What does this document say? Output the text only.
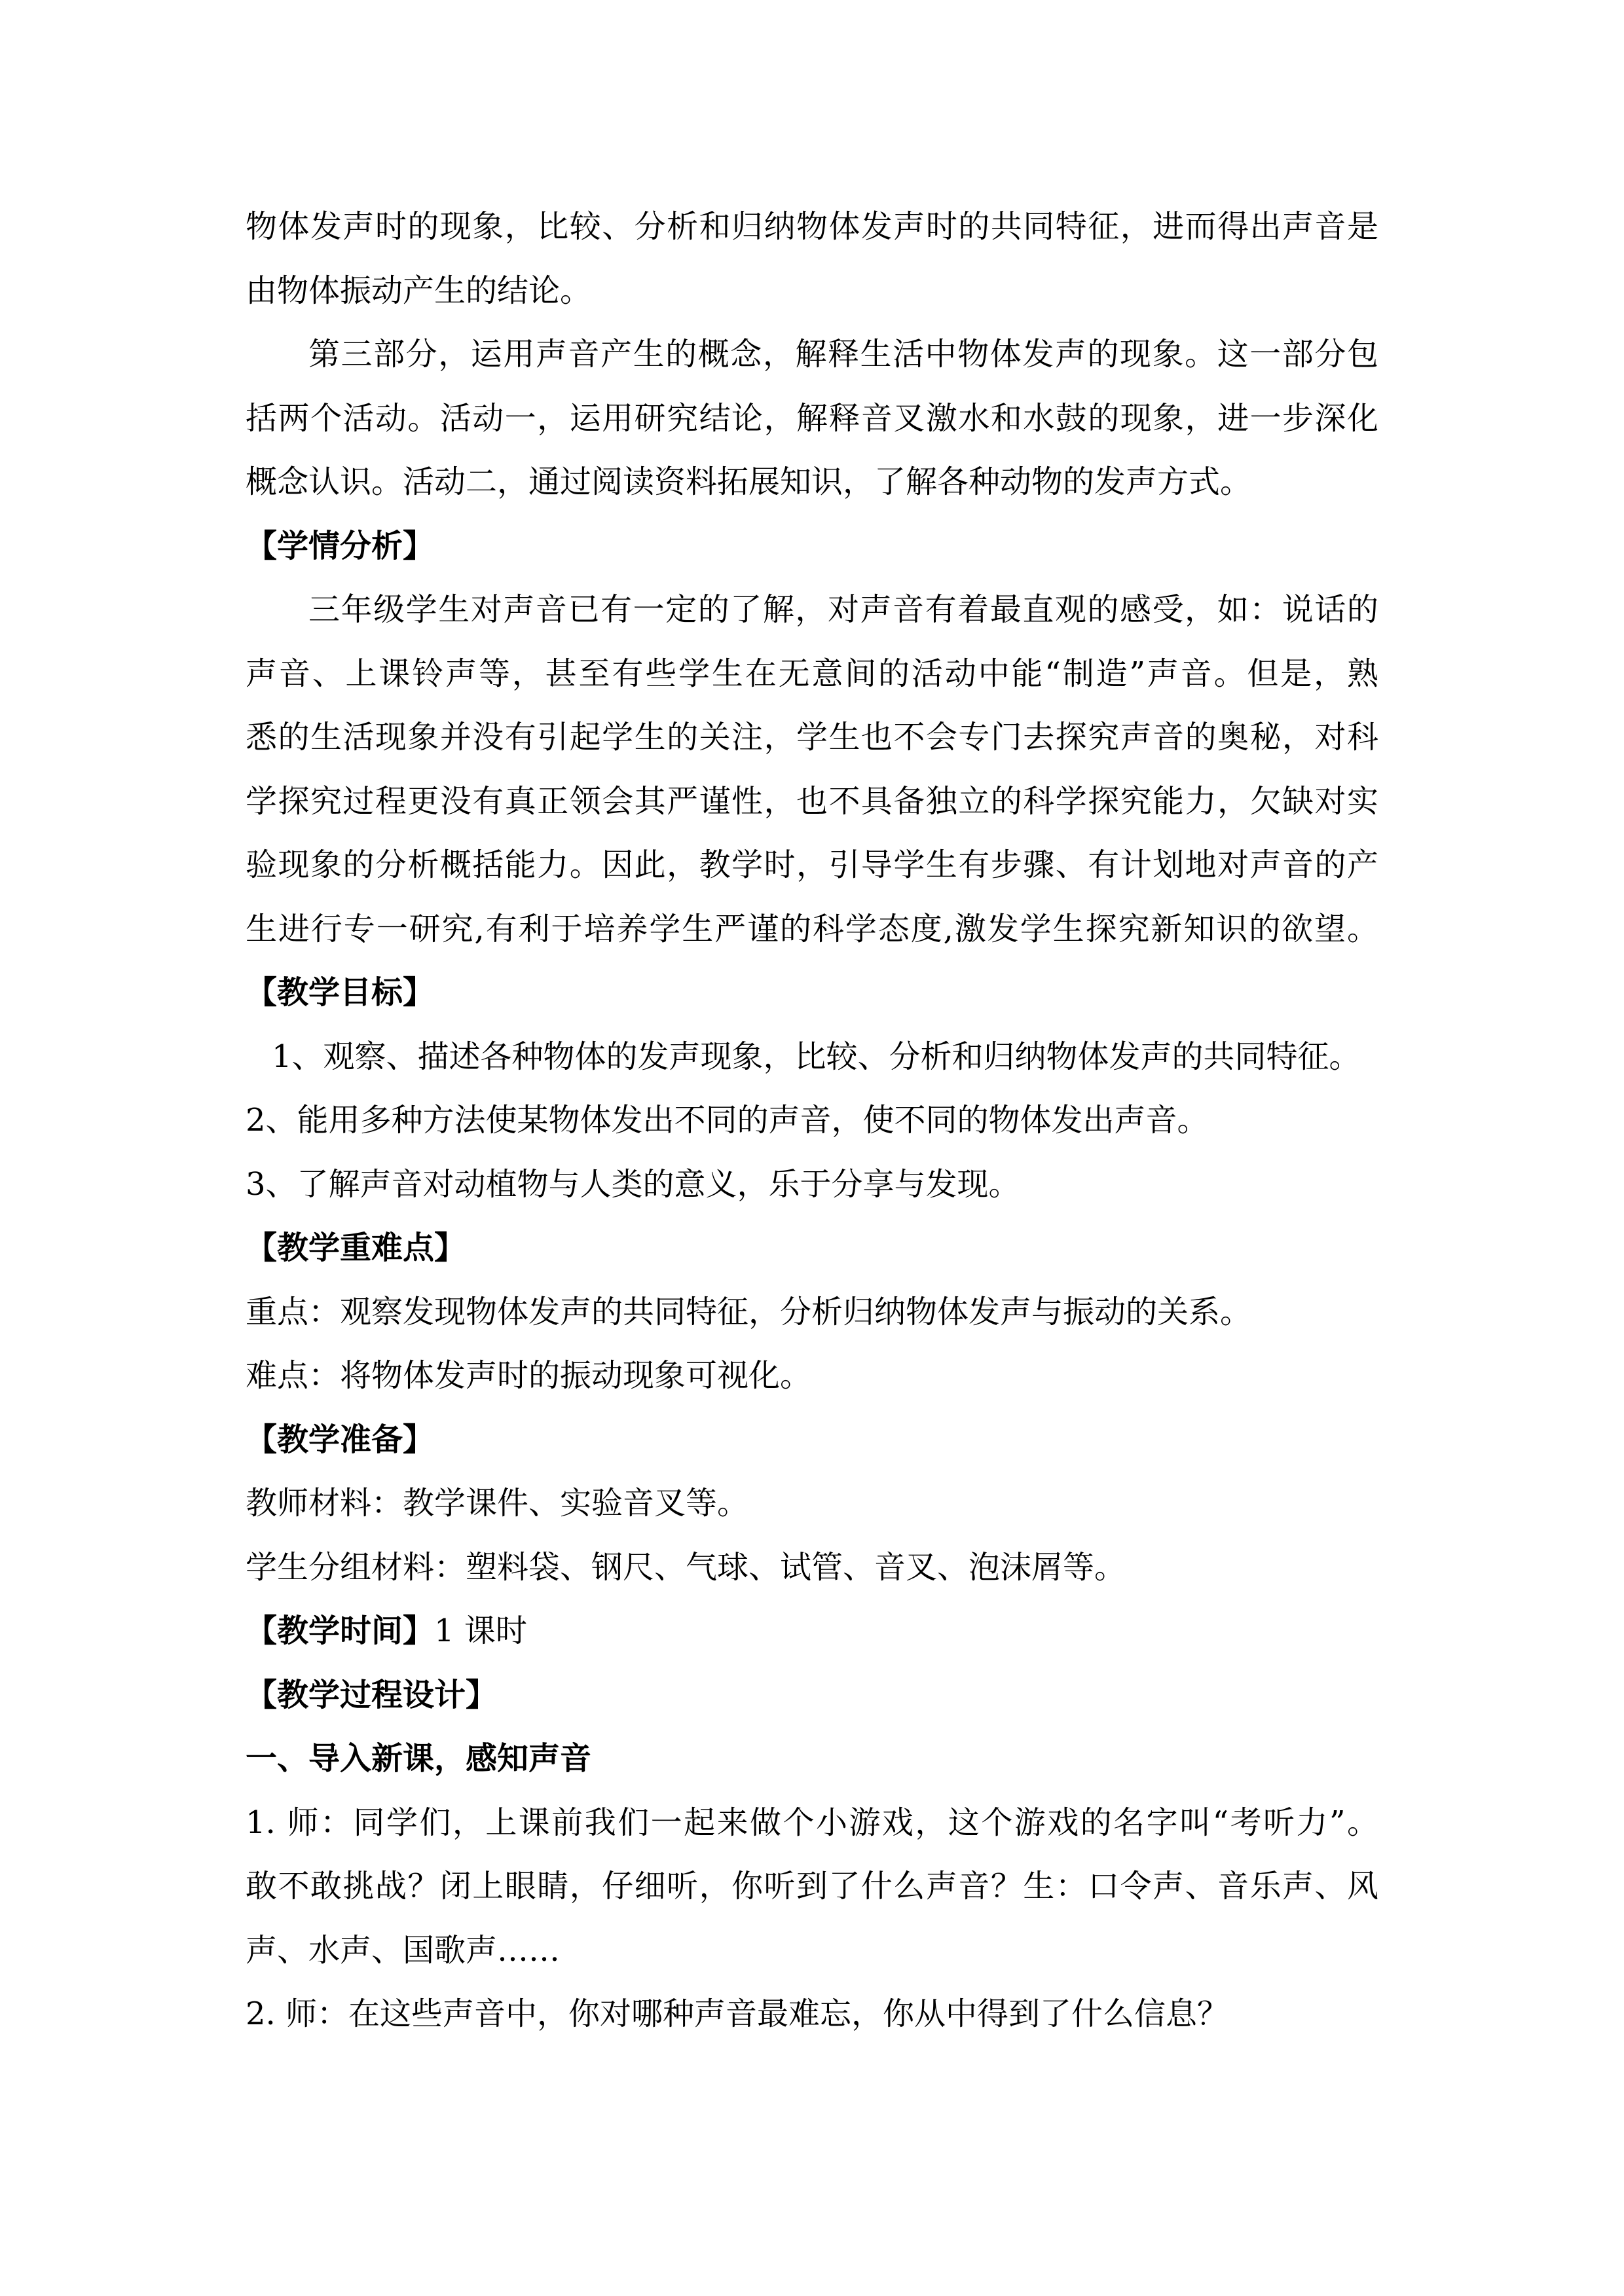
物体发声时的现象，比较、分析和归纳物体发声时的共同特征，进而得出声音是
由物体振动产生的结论。
第三部分，运用声音产生的概念，解释生活中物体发声的现象。这一部分包
括两个活动。活动一，运用研究结论，解释音叉激水和水鼓的现象，进一步深化
概念认识。活动二，通过阅读资料拓展知识，了解各种动物的发声方式。
【学情分析】
三年级学生对声音已有一定的了解，对声音有着最直观的感受，如：说话的
声音、上课铃声等，甚至有些学生在无意间的活动中能“制造”声音。但是，熟
悉的生活现象并没有引起学生的关注，学生也不会专门去探究声音的奥秘，对科
学探究过程更没有真正领会其严谨性，也不具备独立的科学探究能力，欠缺对实
验现象的分析概括能力。因此，教学时，引导学生有步骤、有计划地对声音的产
生进行专一研究,有利于培养学生严谨的科学态度,激发学生探究新知识的欲望。
【教学目标】
1、观察、描述各种物体的发声现象，比较、分析和归纳物体发声的共同特征。
2、能用多种方法使某物体发出不同的声音，使不同的物体发出声音。
3、了解声音对动植物与人类的意义，乐于分享与发现。
【教学重难点】
重点：观察发现物体发声的共同特征，分析归纳物体发声与振动的关系。
难点：将物体发声时的振动现象可视化。
【教学准备】
教师材料：教学课件、实验音叉等。
学生分组材料：塑料袋、钢尺、气球、试管、音叉、泡沫屑等。
【教学时间】1 课时
【教学过程设计】
一、导入新课，感知声音
1. 师：同学们，上课前我们一起来做个小游戏，这个游戏的名字叫“考听力”。
敢不敢挑战？闭上眼睛，仔细听，你听到了什么声音？生：口令声、音乐声、风
声、水声、国歌声……
2. 师：在这些声音中，你对哪种声音最难忘，你从中得到了什么信息？
